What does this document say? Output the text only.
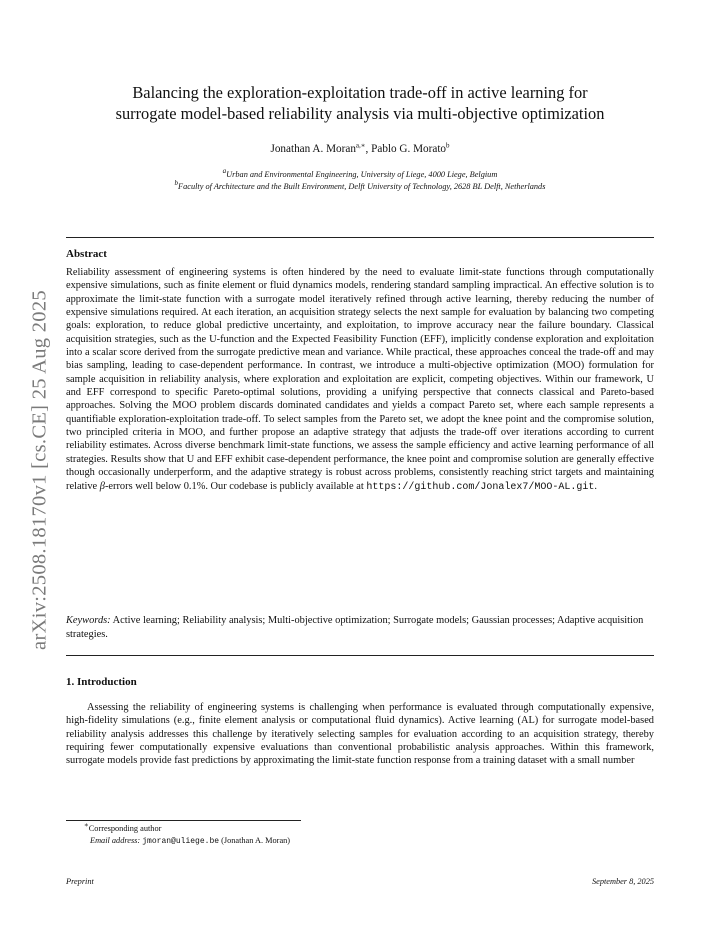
arXiv:2508.18170v1 [cs.CE] 25 Aug 2025
Balancing the exploration-exploitation trade-off in active learning for
surrogate model-based reliability analysis via multi-objective optimization
Jonathan A. Moran$^{a,∗}$, Pablo G. Morato$^b$
$^a$Urban and Environmental Engineering, University of Liege, 4000 Liege, Belgium
$^b$Faculty of Architecture and the Built Environment, Delft University of Technology, 2628 BL Delft, Netherlands
Abstract
Reliability assessment of engineering systems is often hindered by the need to evaluate limit-state functions through computationally expensive simulations, such as finite element or fluid dynamics models, rendering standard sampling impractical. An effective solution is to approximate the limit-state function with a surrogate model iteratively refined through active learning, thereby reducing the number of expensive simulations required. At each iteration, an acquisition strategy selects the next sample for evaluation by balancing two competing goals: exploration, to reduce global predictive uncertainty, and exploitation, to improve accuracy near the failure boundary. Classical acquisition strategies, such as the U-function and the Expected Feasibility Function (EFF), implicitly condense exploration and exploitation into a scalar score derived from the surrogate predictive mean and variance. While practical, these approaches conceal the trade-off and may bias sampling, leading to case-dependent performance. In contrast, we introduce a multi-objective optimization (MOO) formulation for sample acquisition in reliability analysis, where exploration and exploitation are explicit, competing objectives. Within our framework, U and EFF correspond to specific Pareto-optimal solutions, providing a unifying perspective that connects classical and Pareto-based approaches. Solving the MOO problem discards dominated candidates and yields a compact Pareto set, where each sample represents a quantifiable exploration-exploitation trade-off. To select samples from the Pareto set, we adopt the knee point and the compromise solution, two principled criteria in MOO, and further propose an adaptive strategy that adjusts the trade-off over iterations according to current reliability estimates. Across diverse benchmark limit-state functions, we assess the sample efficiency and active learning performance of all strategies. Results show that U and EFF exhibit case-dependent performance, the knee point and compromise solution are generally effective though occasionally underperform, and the adaptive strategy is robust across problems, consistently reaching strict targets and maintaining relative β-errors well below 0.1%. Our codebase is publicly available at https://github.com/Jonalex7/MOO-AL.git.
Keywords: Active learning; Reliability analysis; Multi-objective optimization; Surrogate models; Gaussian processes; Adaptive acquisition strategies.
1. Introduction
Assessing the reliability of engineering systems is challenging when performance is evaluated through computationally expensive, high-fidelity simulations (e.g., finite element analysis or computational fluid dynamics). Active learning (AL) for surrogate model-based reliability analysis addresses this challenge by iteratively selecting samples for evaluation according to an acquisition strategy, thereby requiring fewer computationally expensive evaluations than conventional probabilistic analysis approaches. Within this framework, surrogate models provide fast predictions by approximating the limit-state function response from a training dataset with a small number
∗Corresponding author
Email address: jmoran@uliege.be (Jonathan A. Moran)
Preprint	September 8, 2025
